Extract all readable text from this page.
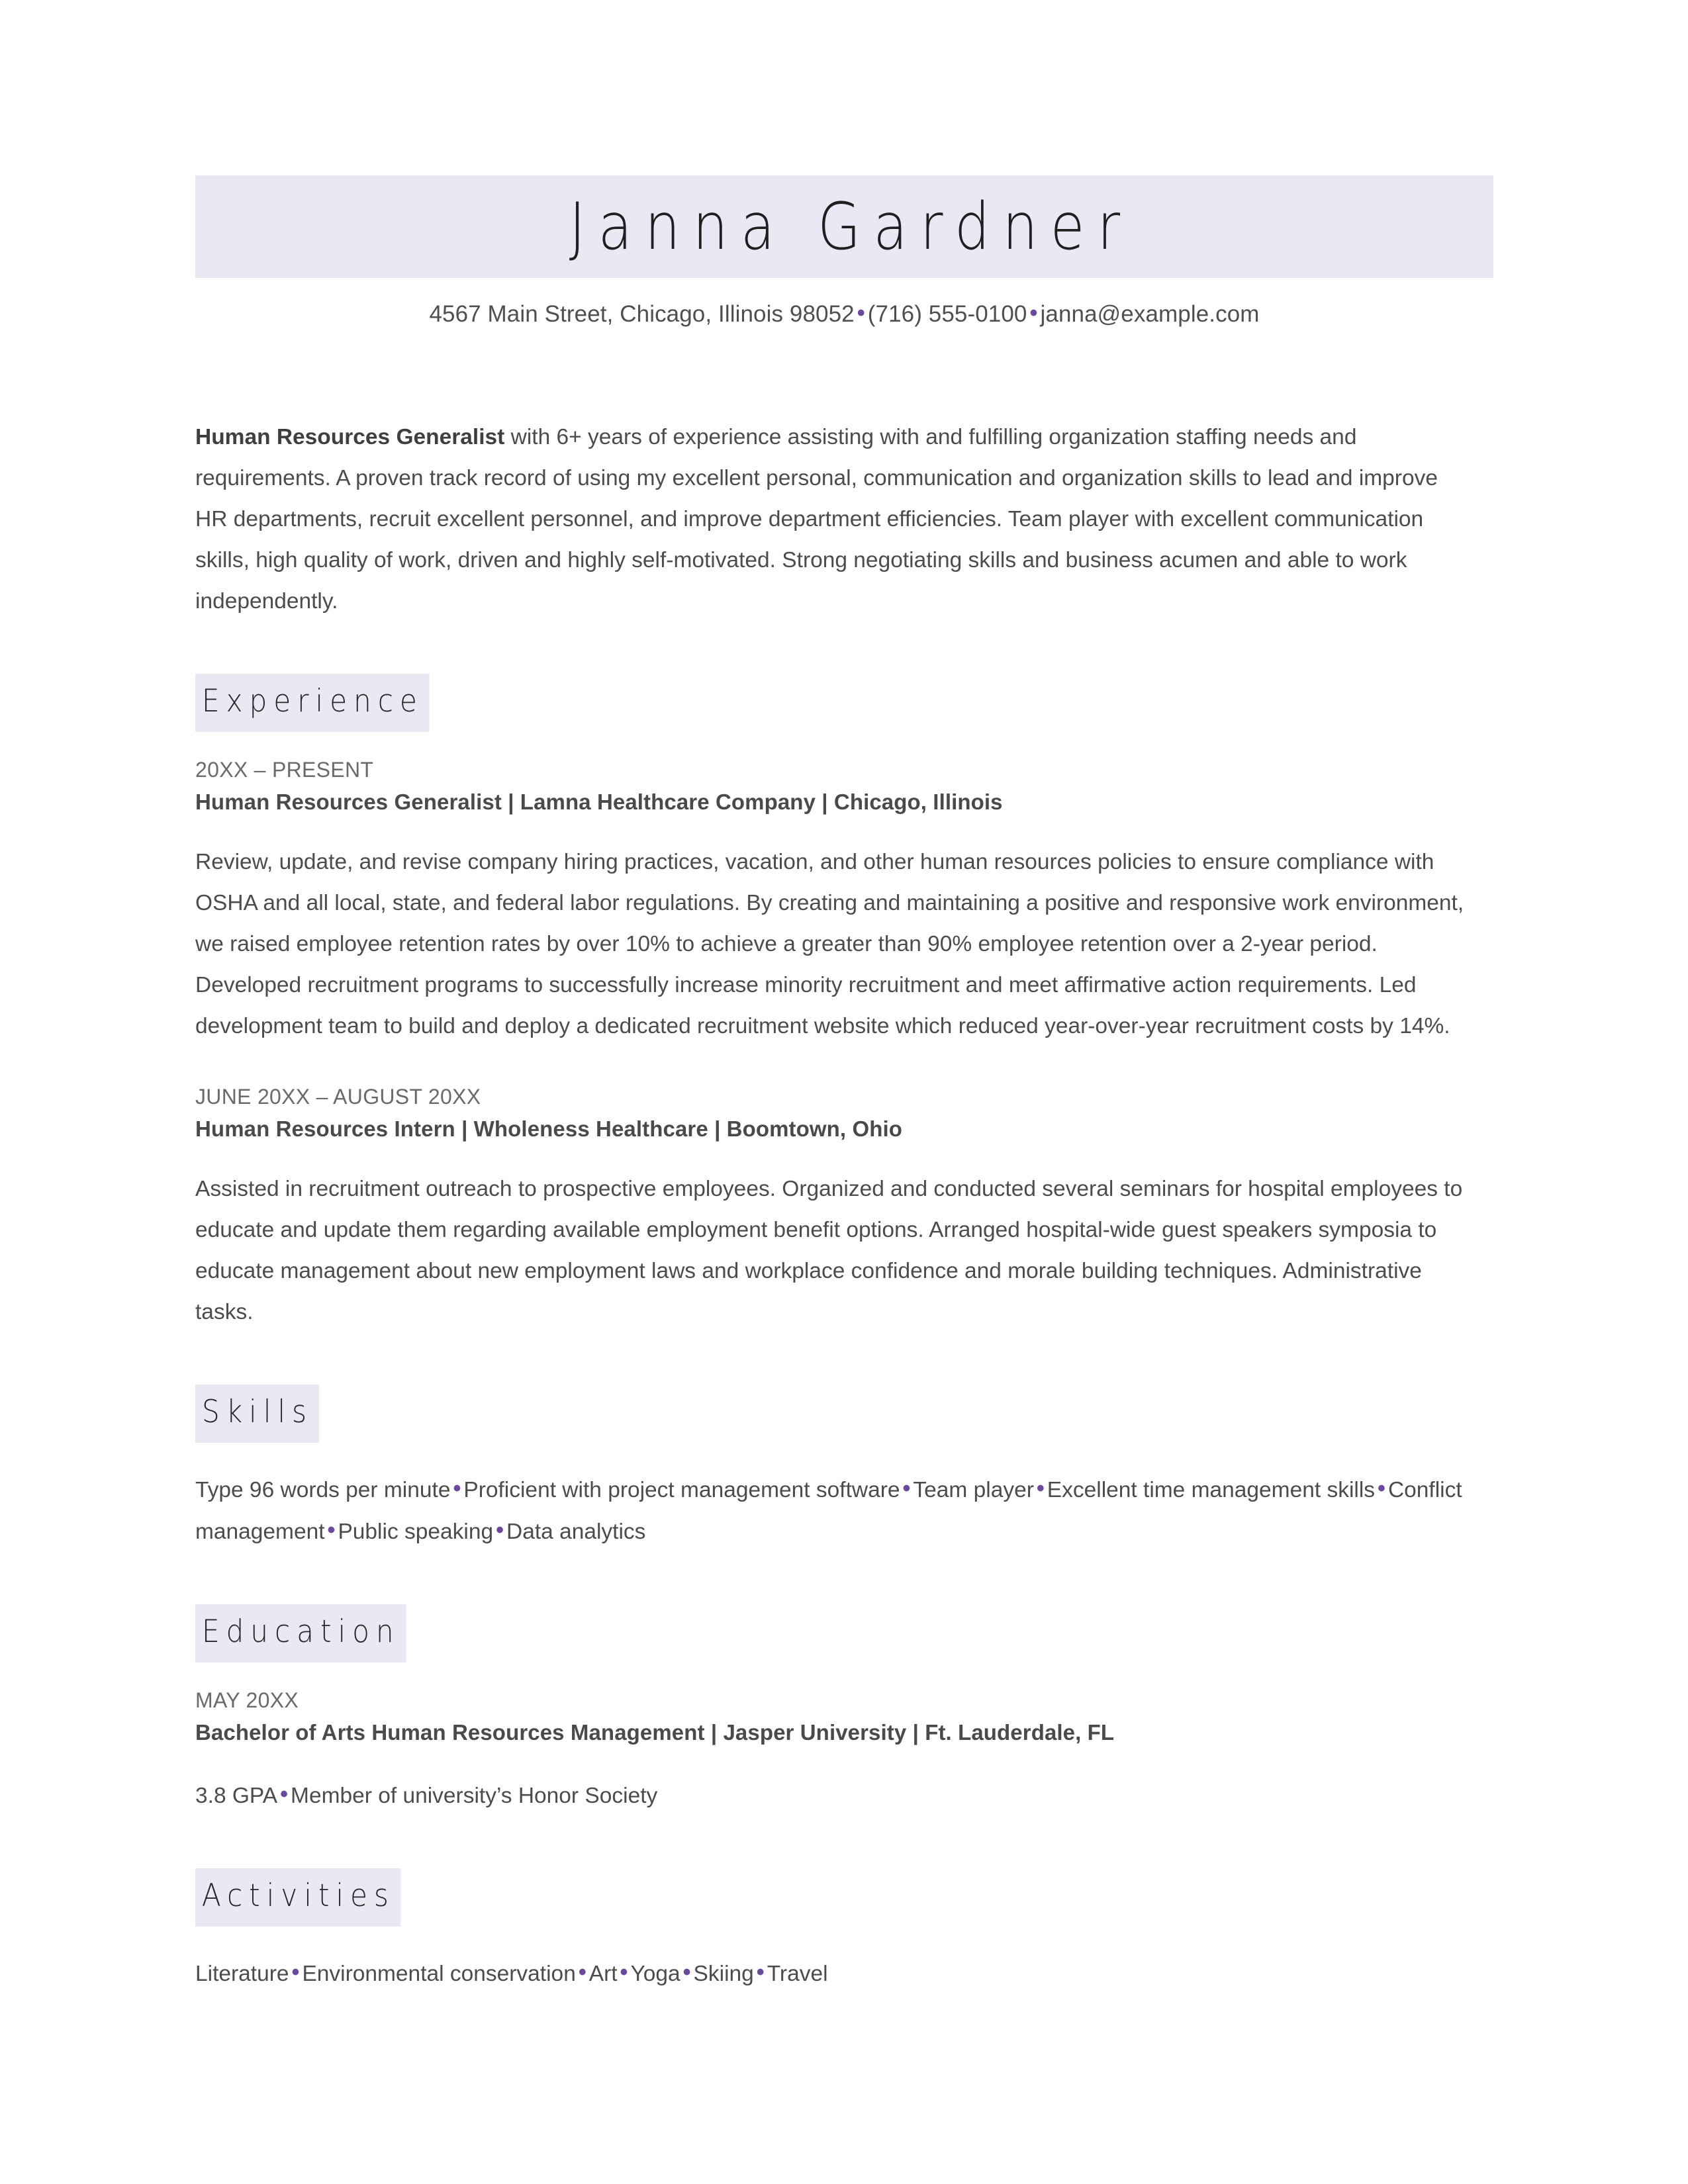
Janna Gardner
4567 Main Street, Chicago, Illinois 98052 • (716) 555-0100 • janna@example.com

Human Resources Generalist with 6+ years of experience assisting with and fulfilling organization staffing needs and requirements. A proven track record of using my excellent personal, communication and organization skills to lead and improve HR departments, recruit excellent personnel, and improve department efficiencies. Team player with excellent communication skills, high quality of work, driven and highly self-motivated. Strong negotiating skills and business acumen and able to work independently.

Experience

20XX – PRESENT

Human Resources Generalist | Lamna Healthcare Company | Chicago, Illinois

Review, update, and revise company hiring practices, vacation, and other human resources policies to ensure compliance with OSHA and all local, state, and federal labor regulations. By creating and maintaining a positive and responsive work environment, we raised employee retention rates by over 10% to achieve a greater than 90% employee retention over a 2-year period. Developed recruitment programs to successfully increase minority recruitment and meet affirmative action requirements. Led development team to build and deploy a dedicated recruitment website which reduced year-over-year recruitment costs by 14%.

JUNE 20XX – AUGUST 20XX

Human Resources Intern | Wholeness Healthcare | Boomtown, Ohio

Assisted in recruitment outreach to prospective employees. Organized and conducted several seminars for hospital employees to educate and update them regarding available employment benefit options. Arranged hospital-wide guest speakers symposia to educate management about new employment laws and workplace confidence and morale building techniques. Administrative tasks.

Skills

Type 96 words per minute • Proficient with project management software • Team player • Excellent time management skills • Conflict management • Public speaking • Data analytics

Education

MAY 20XX

Bachelor of Arts Human Resources Management | Jasper University | Ft. Lauderdale, FL

3.8 GPA • Member of university’s Honor Society

Activities

Literature • Environmental conservation • Art • Yoga • Skiing • Travel
